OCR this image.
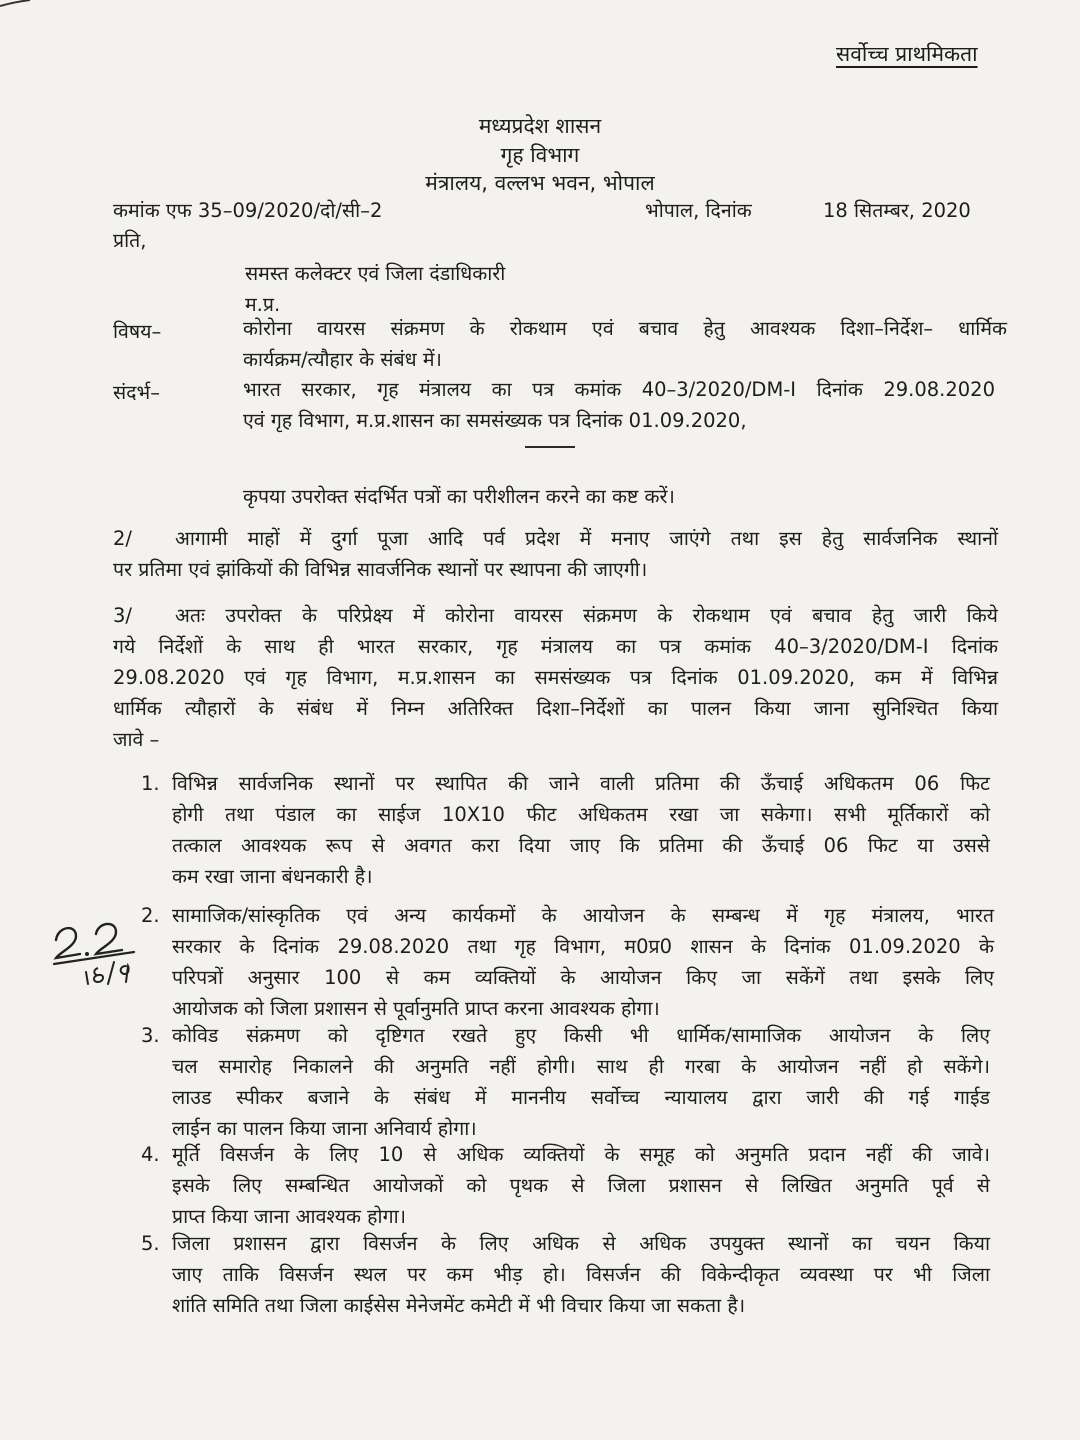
सर्वोच्च प्राथमिकता
मध्यप्रदेश शासन
गृह विभाग
मंत्रालय, वल्लभ भवन, भोपाल
कमांक एफ 35–09/2020/दो/सी–2	भोपाल, दिनांक	18 सितम्बर, 2020
प्रति,
समस्त कलेक्टर एवं जिला दंडाधिकारी
म.प्र.
विषय–	कोरोना वायरस संक्रमण के रोकथाम एवं बचाव हेतु आवश्यक दिशा–निर्देश– धार्मिक
कार्यक्रम/त्यौहार के संबंध में।
संदर्भ–	भारत सरकार, गृह मंत्रालय का पत्र कमांक 40–3/2020/DM-I दिनांक 29.08.2020
एवं गृह विभाग, म.प्र.शासन का समसंख्यक पत्र दिनांक 01.09.2020,
कृपया उपरोक्त संदर्भित पत्रों का परीशीलन करने का कष्ट करें।
2/	आगामी माहों में दुर्गा पूजा आदि पर्व प्रदेश में मनाए जाएंगे तथा इस हेतु सार्वजनिक स्थानों
पर प्रतिमा एवं झांकियों की विभिन्न सावर्जनिक स्थानों पर स्थापना की जाएगी।
3/	अतः उपरोक्त के परिप्रेक्ष्य में कोरोना वायरस संक्रमण के रोकथाम एवं बचाव हेतु जारी किये
गये निर्देशों के साथ ही भारत सरकार, गृह मंत्रालय का पत्र कमांक 40–3/2020/DM-I दिनांक
29.08.2020 एवं गृह विभाग, म.प्र.शासन का समसंख्यक पत्र दिनांक 01.09.2020, कम में विभिन्न
धार्मिक त्यौहारों के संबंध में निम्न अतिरिक्त दिशा–निर्देशों का पालन किया जाना सुनिश्चित किया
जावे –
1. विभिन्न सार्वजनिक स्थानों पर स्थापित की जाने वाली प्रतिमा की ऊँचाई अधिकतम 06 फिट
होगी तथा पंडाल का साईज 10X10 फीट अधिकतम रखा जा सकेगा। सभी मूर्तिकारों को
तत्काल आवश्यक रूप से अवगत करा दिया जाए कि प्रतिमा की ऊँचाई 06 फिट या उससे
कम रखा जाना बंधनकारी है।
2. सामाजिक/सांस्कृतिक एवं अन्य कार्यकमों के आयोजन के सम्बन्ध में गृह मंत्रालय, भारत
सरकार के दिनांक 29.08.2020 तथा गृह विभाग, म0प्र0 शासन के दिनांक 01.09.2020 के
परिपत्रों अनुसार 100 से कम व्यक्तियों के आयोजन किए जा सकेंगें तथा इसके लिए
आयोजक को जिला प्रशासन से पूर्वानुमति प्राप्त करना आवश्यक होगा।
3. कोविड संक्रमण को दृष्टिगत रखते हुए किसी भी धार्मिक/सामाजिक आयोजन के लिए
चल समारोह निकालने की अनुमति नहीं होगी। साथ ही गरबा के आयोजन नहीं हो सकेंगे।
लाउड स्पीकर बजाने के संबंध में माननीय सर्वोच्च न्यायालय द्वारा जारी की गई गाईड
लाईन का पालन किया जाना अनिवार्य होगा।
4. मूर्ति विसर्जन के लिए 10 से अधिक व्यक्तियों के समूह को अनुमति प्रदान नहीं की जावे।
इसके लिए सम्बन्धित आयोजकों को पृथक से जिला प्रशासन से लिखित अनुमति पूर्व से
प्राप्त किया जाना आवश्यक होगा।
5. जिला प्रशासन द्वारा विसर्जन के लिए अधिक से अधिक उपयुक्त स्थानों का चयन किया
जाए ताकि विसर्जन स्थल पर कम भीड़ हो। विसर्जन की विकेन्दीकृत व्यवस्था पर भी जिला
शांति समिति तथा जिला काईसेस मेनेजमेंट कमेटी में भी विचार किया जा सकता है।
